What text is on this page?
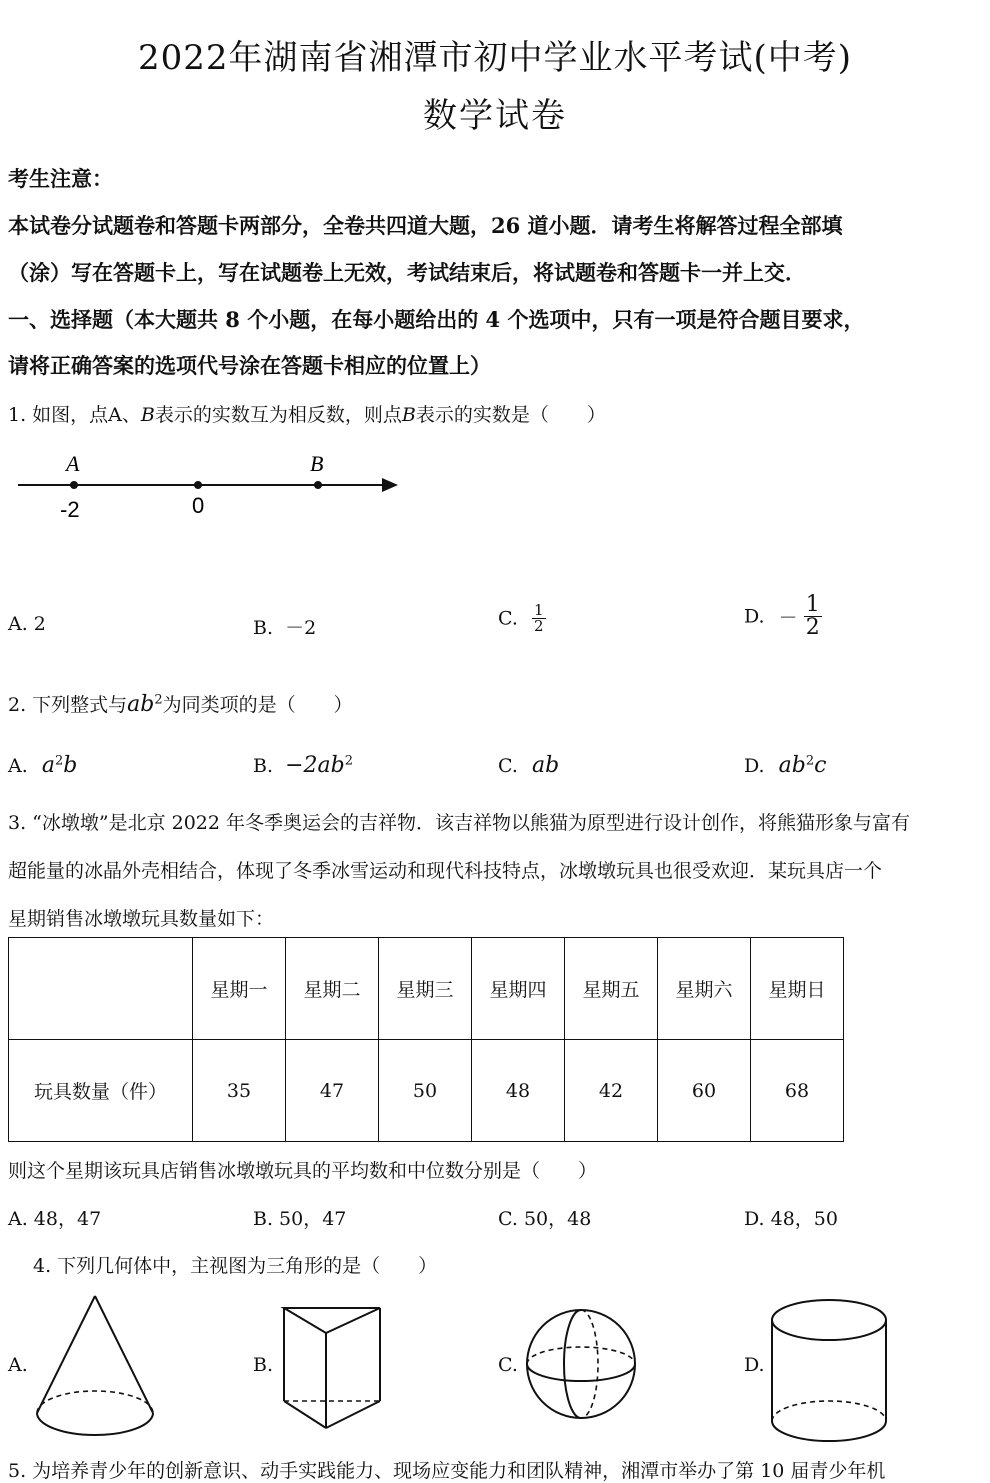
2022年湖南省湘潭市初中学业水平考试(中考)
数学试卷
考生注意：
本试卷分试题卷和答题卡两部分，全卷共四道大题，26 道小题．请考生将解答过程全部填
（涂）写在答题卡上，写在试题卷上无效，考试结束后，将试题卷和答题卡一并上交．
一、选择题（本大题共 8 个小题，在每小题给出的 4 个选项中，只有一项是符合题目要求，
请将正确答案的选项代号涂在答题卡相应的位置上）
1. 如图，点A、B表示的实数互为相反数，则点B表示的实数是（　　）
A	B
-2	0
A. 2	B. －2	C. $\frac{1}{2}$	D. － $\frac{1}{2}$
2. 下列整式与$ab^2$为同类项的是（　　）
A. $a^2b$	B. $-2ab^2$	C. ab	D. $ab^2c$
3. “冰墩墩”是北京 2022 年冬季奥运会的吉祥物．该吉祥物以熊猫为原型进行设计创作，将熊猫形象与富有
超能量的冰晶外壳相结合，体现了冬季冰雪运动和现代科技特点，冰墩墩玩具也很受欢迎．某玩具店一个
星期销售冰墩墩玩具数量如下：
	星期一	星期二	星期三	星期四	星期五	星期六	星期日
玩具数量（件）	35	47	50	48	42	60	68
则这个星期该玩具店销售冰墩墩玩具的平均数和中位数分别是（　　）
A. 48，47	B. 50，47	C. 50，48	D. 48，50
4. 下列几何体中，主视图为三角形的是（　　）
A.	B.	C.	D.
5. 为培养青少年的创新意识、动手实践能力、现场应变能力和团队精神，湘潭市举办了第 10 届青少年机
